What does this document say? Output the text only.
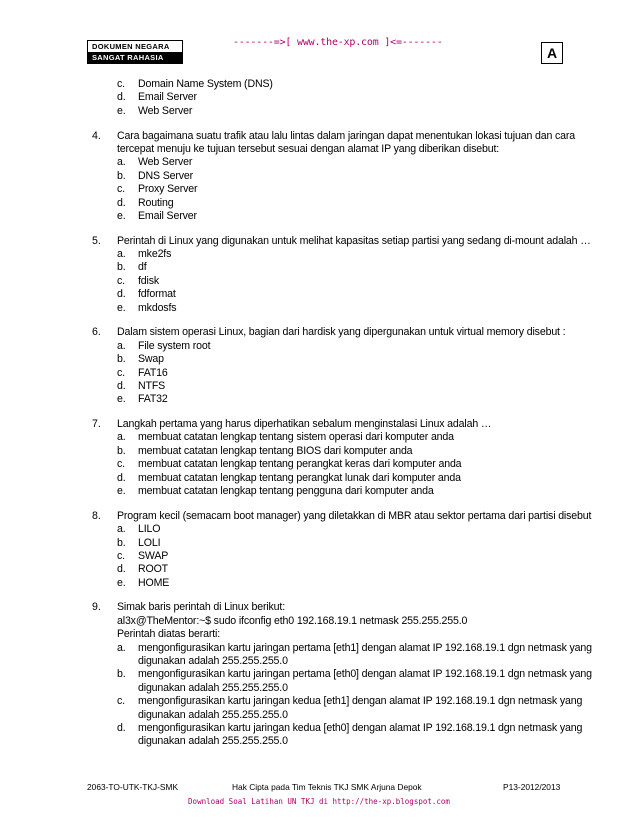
DOKUMEN NEGARA
SANGAT RAHASIA
-------=>[ www.the-xp.com ]<=-------
A
c. Domain Name System (DNS)
d. Email Server
e. Web Server
4. Cara bagaimana suatu trafik atau lalu lintas dalam jaringan dapat menentukan lokasi tujuan dan cara
tercepat menuju ke tujuan tersebut sesuai dengan alamat IP yang diberikan disebut:
a. Web Server
b. DNS Server
c. Proxy Server
d. Routing
e. Email Server
5. Perintah di Linux yang digunakan untuk melihat kapasitas setiap partisi yang sedang di-mount adalah …
a. mke2fs
b. df
c. fdisk
d. fdformat
e. mkdosfs
6. Dalam sistem operasi Linux, bagian dari hardisk yang dipergunakan untuk virtual memory disebut :
a. File system root
b. Swap
c. FAT16
d. NTFS
e. FAT32
7. Langkah pertama yang harus diperhatikan sebalum menginstalasi Linux adalah …
a. membuat catatan lengkap tentang sistem operasi dari komputer anda
b. membuat catatan lengkap tentang BIOS dari komputer anda
c. membuat catatan lengkap tentang perangkat keras dari komputer anda
d. membuat catatan lengkap tentang perangkat lunak dari komputer anda
e. membuat catatan lengkap tentang pengguna dari komputer anda
8. Program kecil (semacam boot manager) yang diletakkan di MBR atau sektor pertama dari partisi disebut
a. LILO
b. LOLI
c. SWAP
d. ROOT
e. HOME
9. Simak baris perintah di Linux berikut:
al3x@TheMentor:~$ sudo ifconfig eth0 192.168.19.1 netmask 255.255.255.0
Perintah diatas berarti:
a. mengonfigurasikan kartu jaringan pertama [eth1] dengan alamat IP 192.168.19.1 dgn netmask yang
digunakan adalah 255.255.255.0
b. mengonfigurasikan kartu jaringan pertama [eth0] dengan alamat IP 192.168.19.1 dgn netmask yang
digunakan adalah 255.255.255.0
c. mengonfigurasikan kartu jaringan kedua [eth1] dengan alamat IP 192.168.19.1 dgn netmask yang
digunakan adalah 255.255.255.0
d. mengonfigurasikan kartu jaringan kedua [eth0] dengan alamat IP 192.168.19.1 dgn netmask yang
digunakan adalah 255.255.255.0
2063-TO-UTK-TKJ-SMK	Hak Cipta pada Tim Teknis TKJ SMK Arjuna Depok	P13-2012/2013
Download Soal Latihan UN TKJ di http://the-xp.blogspot.com
